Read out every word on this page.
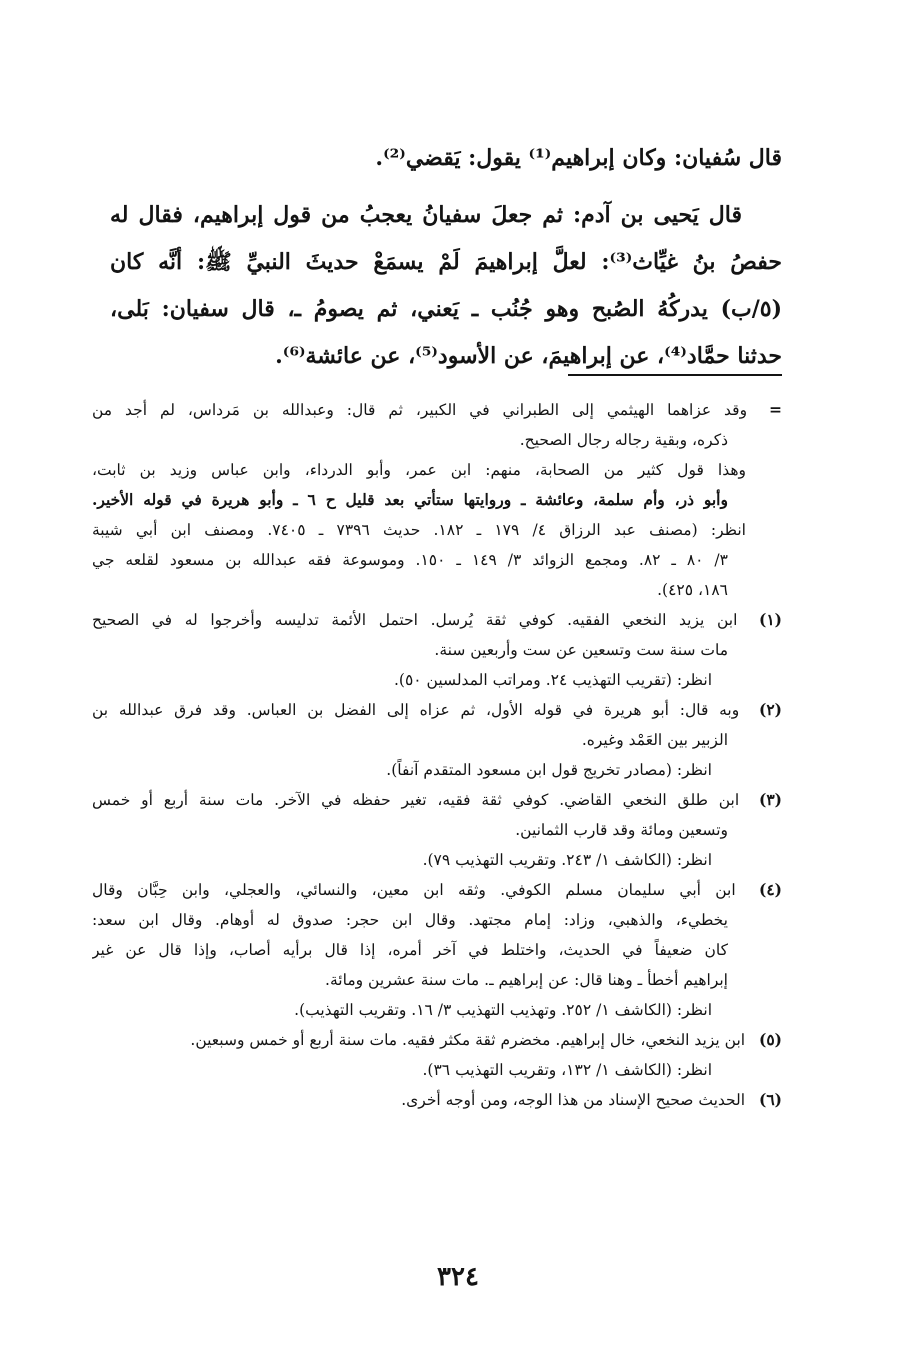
قال سُفيان: وكان إبراهيم⁽¹⁾ يقول: يَقضي⁽²⁾.
قال يَحيى بن آدم: ثم جعلَ سفيانُ يعجبُ من قول إبراهيم، فقال له
حفصُ بنُ غيِّاث⁽³⁾: لعلَّ إبراهيمَ لَمْ يسمَعْ حديثَ النبيِّ ﷺ: أنَّه كان
(٥/ب) يدركُهُ الصُبح وهو جُنُب ـ يَعني، ثم يصومُ ـ، قال سفيان: بَلى،
حدثنا حمَّاد⁽⁴⁾، عن إبراهيمَ، عن الأسود⁽⁵⁾، عن عائشة⁽⁶⁾.
= وقد عزاهما الهيثمي إلى الطبراني في الكبير، ثم قال: وعبدالله بن مَرداس، لم أجد من
ذكره، وبقية رجاله رجال الصحيح.
وهذا قول كثير من الصحابة، منهم: ابن عمر، وأبو الدرداء، وابن عباس وزيد بن ثابت،
وأبو ذر، وأم سلمة، وعائشة ـ وروايتها ستأتي بعد قليل ح ٦ ـ وأبو هريرة في قوله الأخير.
انظر: (مصنف عبد الرزاق ٤/ ١٧٩ ـ ١٨٢. حديث ٧٣٩٦ ـ ٧٤٠٥. ومصنف ابن أبي شيبة
٣/ ٨٠ ـ ٨٢. ومجمع الزوائد ٣/ ١٤٩ ـ ١٥٠. وموسوعة فقه عبدالله بن مسعود لقلعه جي
١٨٦، ٤٢٥).
(١) ابن يزيد النخعي الفقيه. كوفي ثقة يُرسل. احتمل الأئمة تدليسه وأخرجوا له في الصحيح
مات سنة ست وتسعين عن ست وأربعين سنة.
انظر: (تقريب التهذيب ٢٤. ومراتب المدلسين ٥٠).
(٢) وبه قال: أبو هريرة في قوله الأول، ثم عزاه إلى الفضل بن العباس. وقد فرق عبدالله بن
الزبير بين العَمْد وغيره.
انظر: (مصادر تخريج قول ابن مسعود المتقدم آنفاً).
(٣) ابن طلق النخعي القاضي. كوفي ثقة فقيه، تغير حفظه في الآخر. مات سنة أربع أو خمس
وتسعين ومائة وقد قارب الثمانين.
انظر: (الكاشف ١/ ٢٤٣. وتقريب التهذيب ٧٩).
(٤) ابن أبي سليمان مسلم الكوفي. وثقه ابن معين، والنسائي، والعجلي، وابن حِبَّان وقال
يخطيء، والذهبي، وزاد: إمام مجتهد. وقال ابن حجر: صدوق له أوهام. وقال ابن سعد:
كان ضعيفاً في الحديث، واختلط في آخر أمره، إذا قال برأيه أصاب، وإذا قال عن غير
إبراهيم أخطأ ـ وهنا قال: عن إبراهيم ـ. مات سنة عشرين ومائة.
انظر: (الكاشف ١/ ٢٥٢. وتهذيب التهذيب ٣/ ١٦. وتقريب التهذيب).
(٥) ابن يزيد النخعي، خال إبراهيم. مخضرم ثقة مكثر فقيه. مات سنة أربع أو خمس وسبعين.
انظر: (الكاشف ١/ ١٣٢، وتقريب التهذيب ٣٦).
(٦) الحديث صحيح الإسناد من هذا الوجه، ومن أوجه أخرى.
٣٢٤
